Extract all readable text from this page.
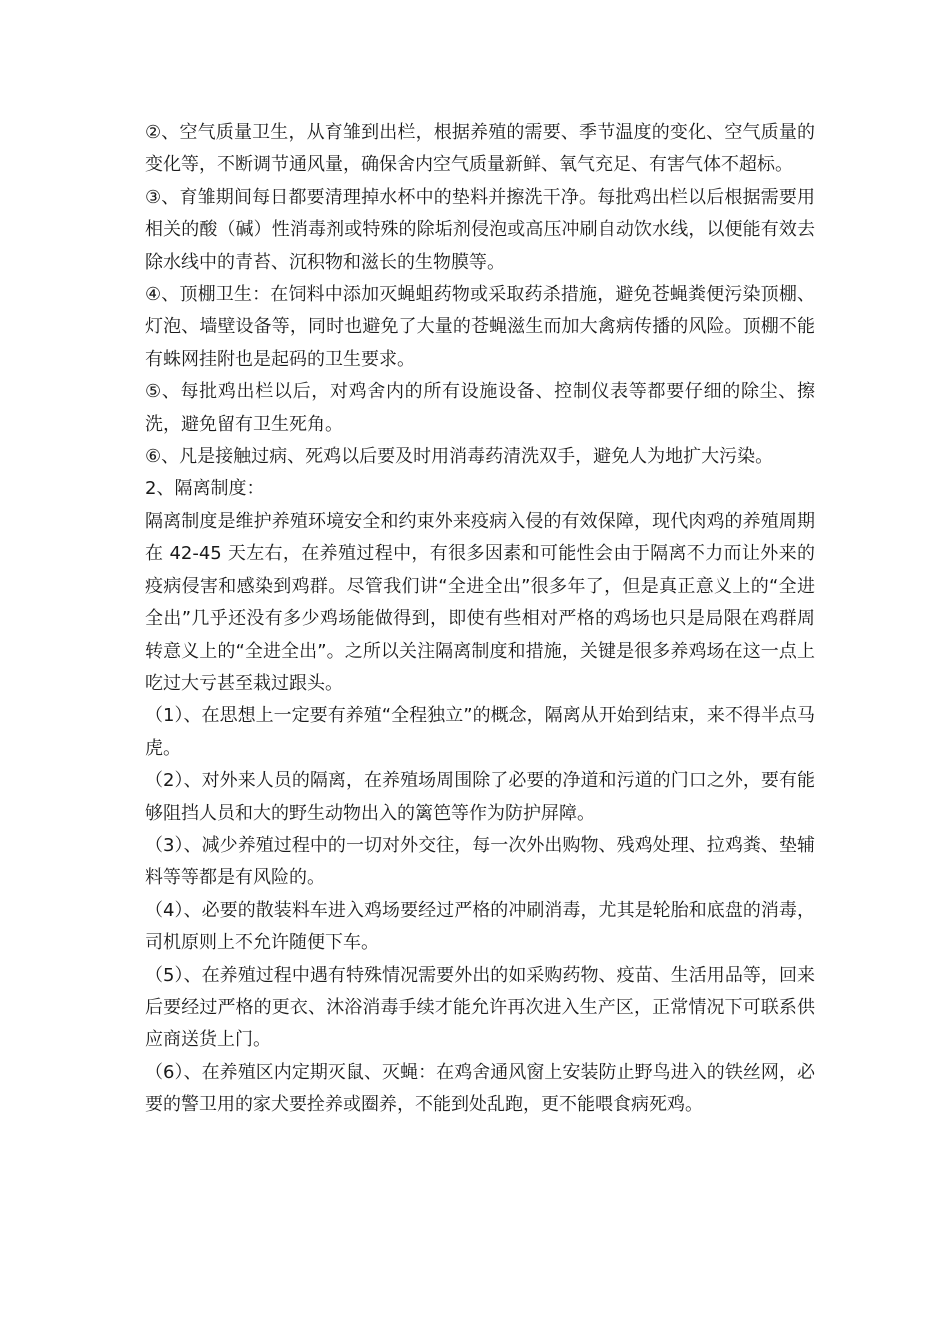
②、空气质量卫生，从育雏到出栏，根据养殖的需要、季节温度的变化、空气质量的变化等，不断调节通风量，确保舍内空气质量新鲜、氧气充足、有害气体不超标。

③、育雏期间每日都要清理掉水杯中的垫料并擦洗干净。每批鸡出栏以后根据需要用相关的酸（碱）性消毒剂或特殊的除垢剂侵泡或高压冲刷自动饮水线，以便能有效去除水线中的青苔、沉积物和滋长的生物膜等。

④、顶棚卫生：在饲料中添加灭蝇蛆药物或采取药杀措施，避免苍蝇粪便污染顶棚、灯泡、墙壁设备等，同时也避免了大量的苍蝇滋生而加大禽病传播的风险。顶棚不能有蛛网挂附也是起码的卫生要求。

⑤、每批鸡出栏以后，对鸡舍内的所有设施设备、控制仪表等都要仔细的除尘、擦洗，避免留有卫生死角。

⑥、凡是接触过病、死鸡以后要及时用消毒药清洗双手，避免人为地扩大污染。

2、隔离制度：

隔离制度是维护养殖环境安全和约束外来疫病入侵的有效保障，现代肉鸡的养殖周期在 42-45 天左右，在养殖过程中，有很多因素和可能性会由于隔离不力而让外来的疫病侵害和感染到鸡群。尽管我们讲“全进全出”很多年了，但是真正意义上的“全进全出”几乎还没有多少鸡场能做得到，即使有些相对严格的鸡场也只是局限在鸡群周转意义上的“全进全出”。之所以关注隔离制度和措施，关键是很多养鸡场在这一点上吃过大亏甚至栽过跟头。

（1）、在思想上一定要有养殖“全程独立”的概念，隔离从开始到结束，来不得半点马虎。

（2）、对外来人员的隔离，在养殖场周围除了必要的净道和污道的门口之外，要有能够阻挡人员和大的野生动物出入的篱笆等作为防护屏障。

（3）、减少养殖过程中的一切对外交往，每一次外出购物、残鸡处理、拉鸡粪、垫辅料等等都是有风险的。

（4）、必要的散装料车进入鸡场要经过严格的冲刷消毒，尤其是轮胎和底盘的消毒，司机原则上不允许随便下车。

（5）、在养殖过程中遇有特殊情况需要外出的如采购药物、疫苗、生活用品等，回来后要经过严格的更衣、沐浴消毒手续才能允许再次进入生产区，正常情况下可联系供应商送货上门。

（6）、在养殖区内定期灭鼠、灭蝇：在鸡舍通风窗上安装防止野鸟进入的铁丝网，必要的警卫用的家犬要拴养或圈养，不能到处乱跑，更不能喂食病死鸡。
